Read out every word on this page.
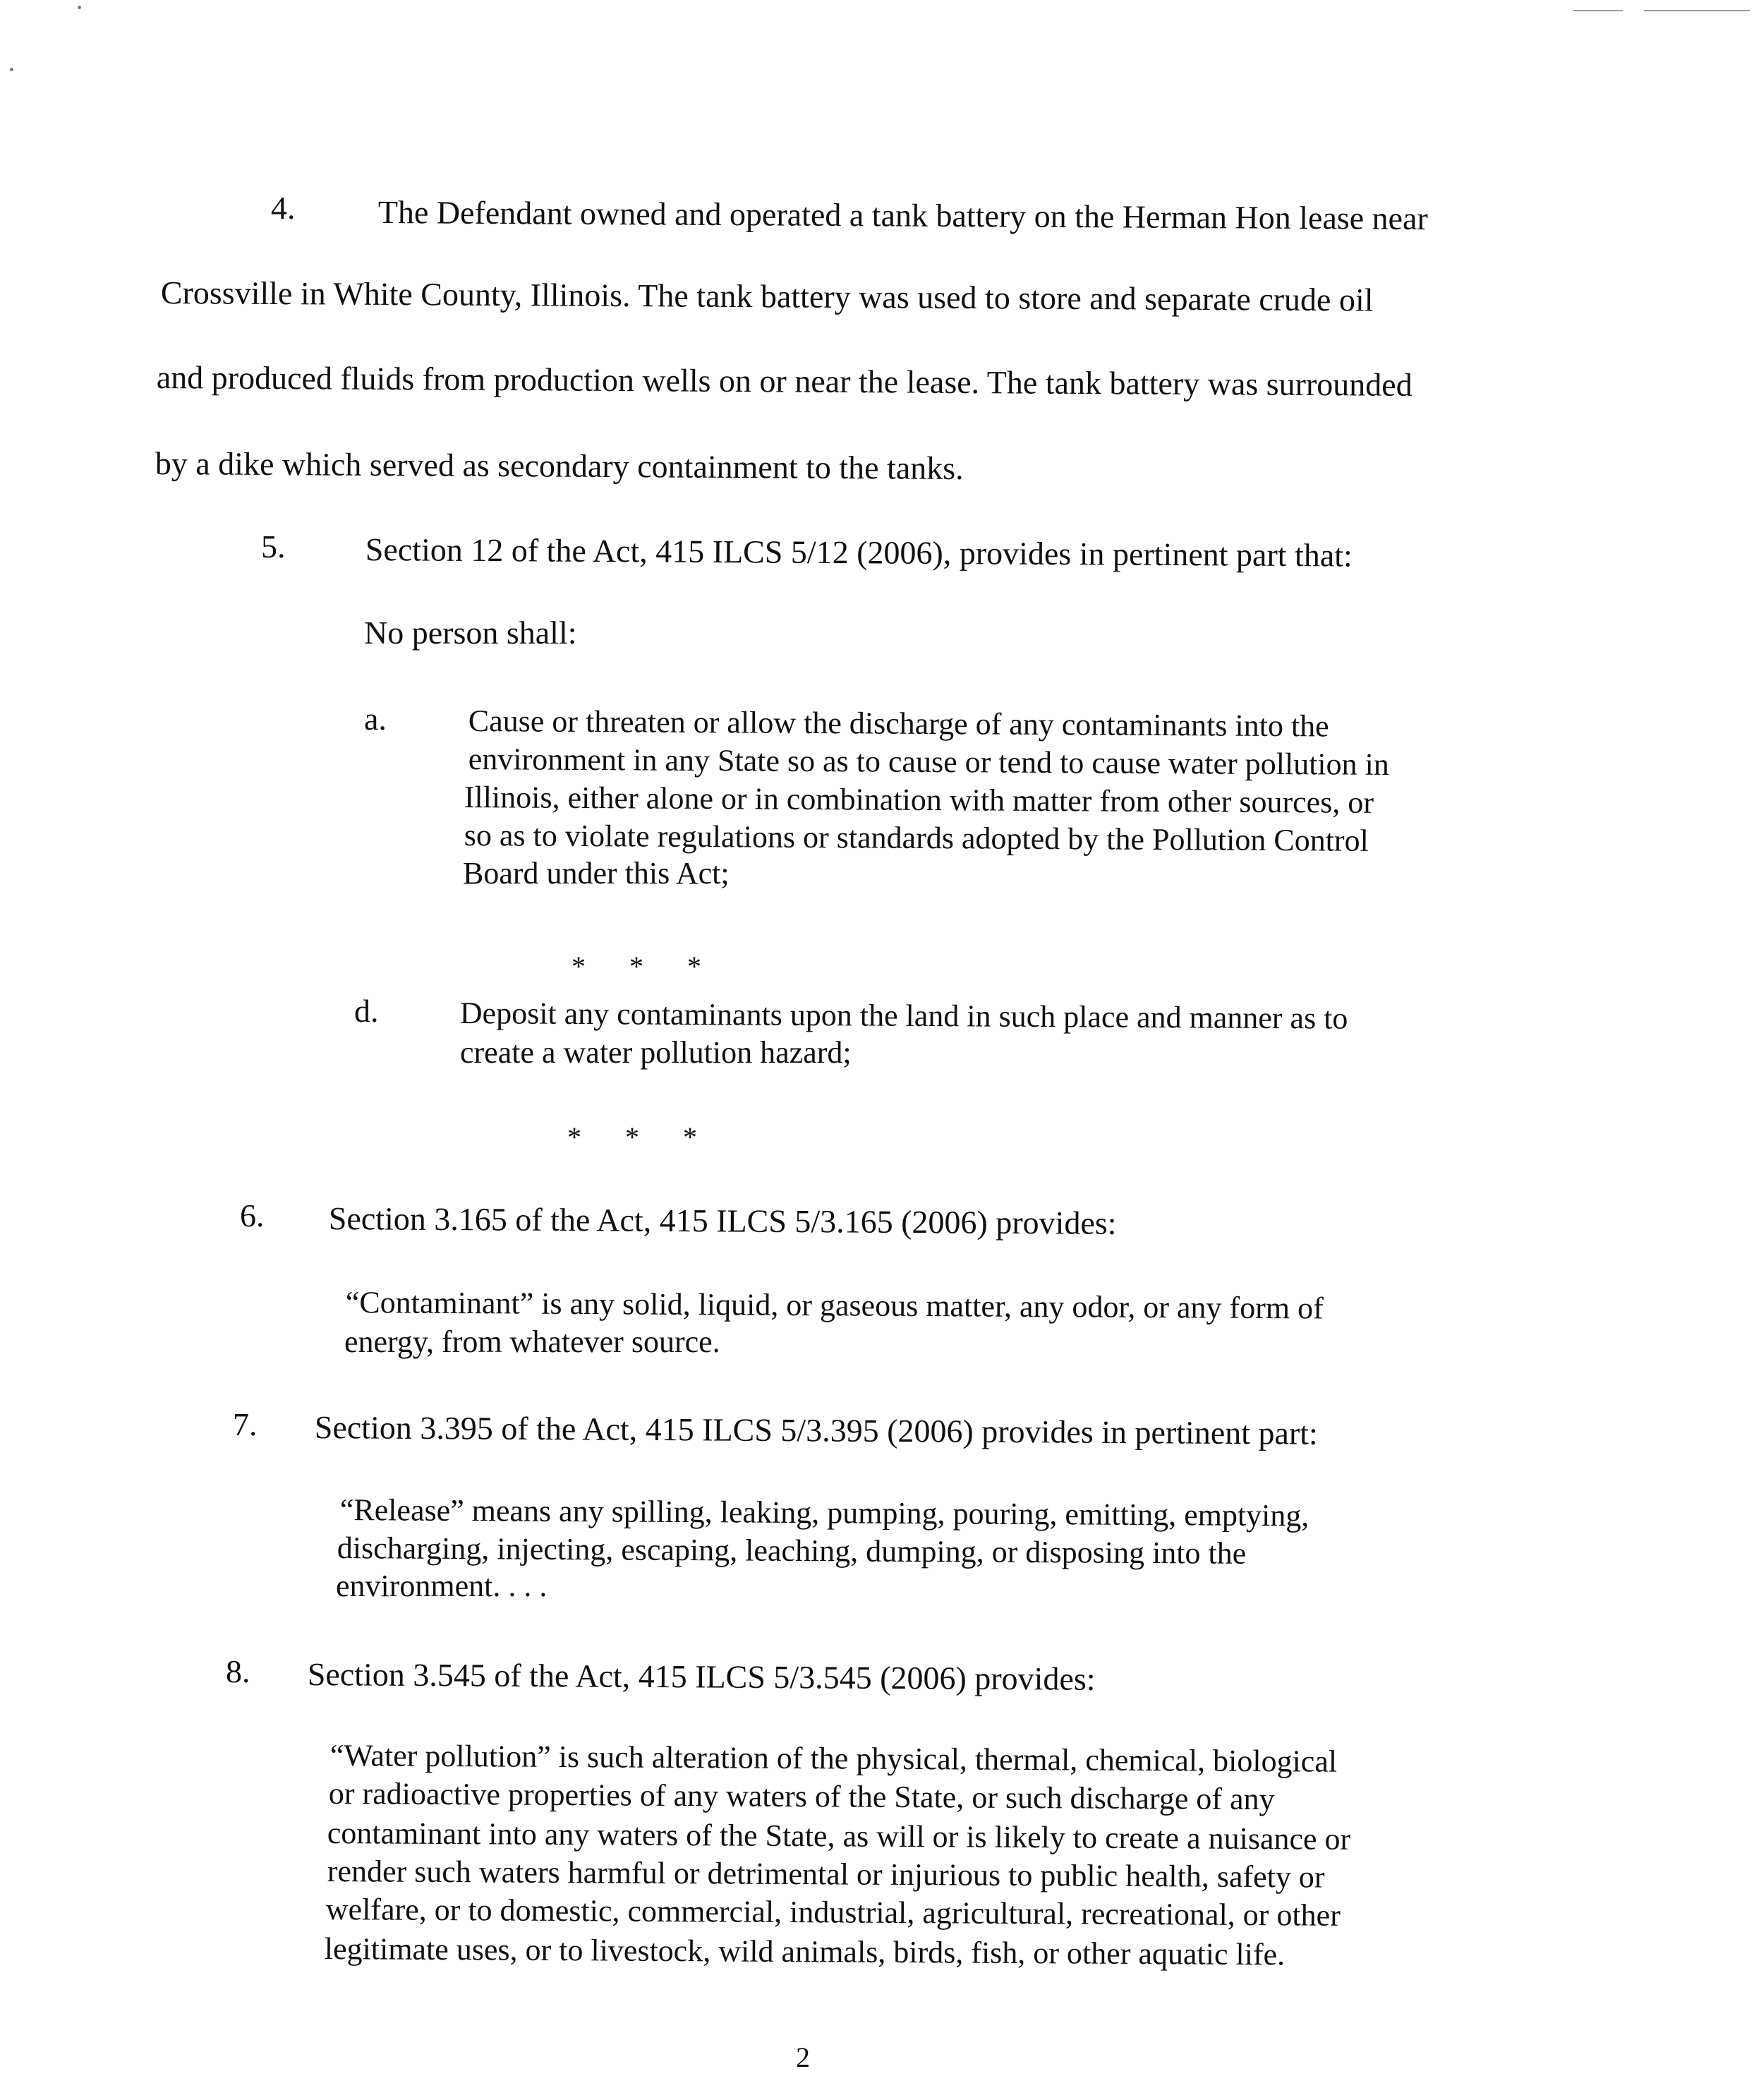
4.	The Defendant owned and operated a tank battery on the Herman Hon lease near
Crossville in White County, Illinois. The tank battery was used to store and separate crude oil
and produced fluids from production wells on or near the lease. The tank battery was surrounded
by a dike which served as secondary containment to the tanks.
5. Section 12 of the Act, 415 ILCS 5/12 (2006), provides in pertinent part that:
No person shall:
a.	Cause or threaten or allow the discharge of any contaminants into the
environment in any State so as to cause or tend to cause water pollution in
Illinois, either alone or in combination with matter from other sources, or
so as to violate regulations or standards adopted by the Pollution Control
Board under this Act;
* * *
d.	Deposit any contaminants upon the land in such place and manner as to
create a water pollution hazard;
* * *
6. Section 3.165 of the Act, 415 ILCS 5/3.165 (2006) provides:
“Contaminant” is any solid, liquid, or gaseous matter, any odor, or any form of
energy, from whatever source.
7. Section 3.395 of the Act, 415 ILCS 5/3.395 (2006) provides in pertinent part:
“Release” means any spilling, leaking, pumping, pouring, emitting, emptying,
discharging, injecting, escaping, leaching, dumping, or disposing into the
environment. . . .
8. Section 3.545 of the Act, 415 ILCS 5/3.545 (2006) provides:
“Water pollution” is such alteration of the physical, thermal, chemical, biological
or radioactive properties of any waters of the State, or such discharge of any
contaminant into any waters of the State, as will or is likely to create a nuisance or
render such waters harmful or detrimental or injurious to public health, safety or
welfare, or to domestic, commercial, industrial, agricultural, recreational, or other
legitimate uses, or to livestock, wild animals, birds, fish, or other aquatic life.
2
